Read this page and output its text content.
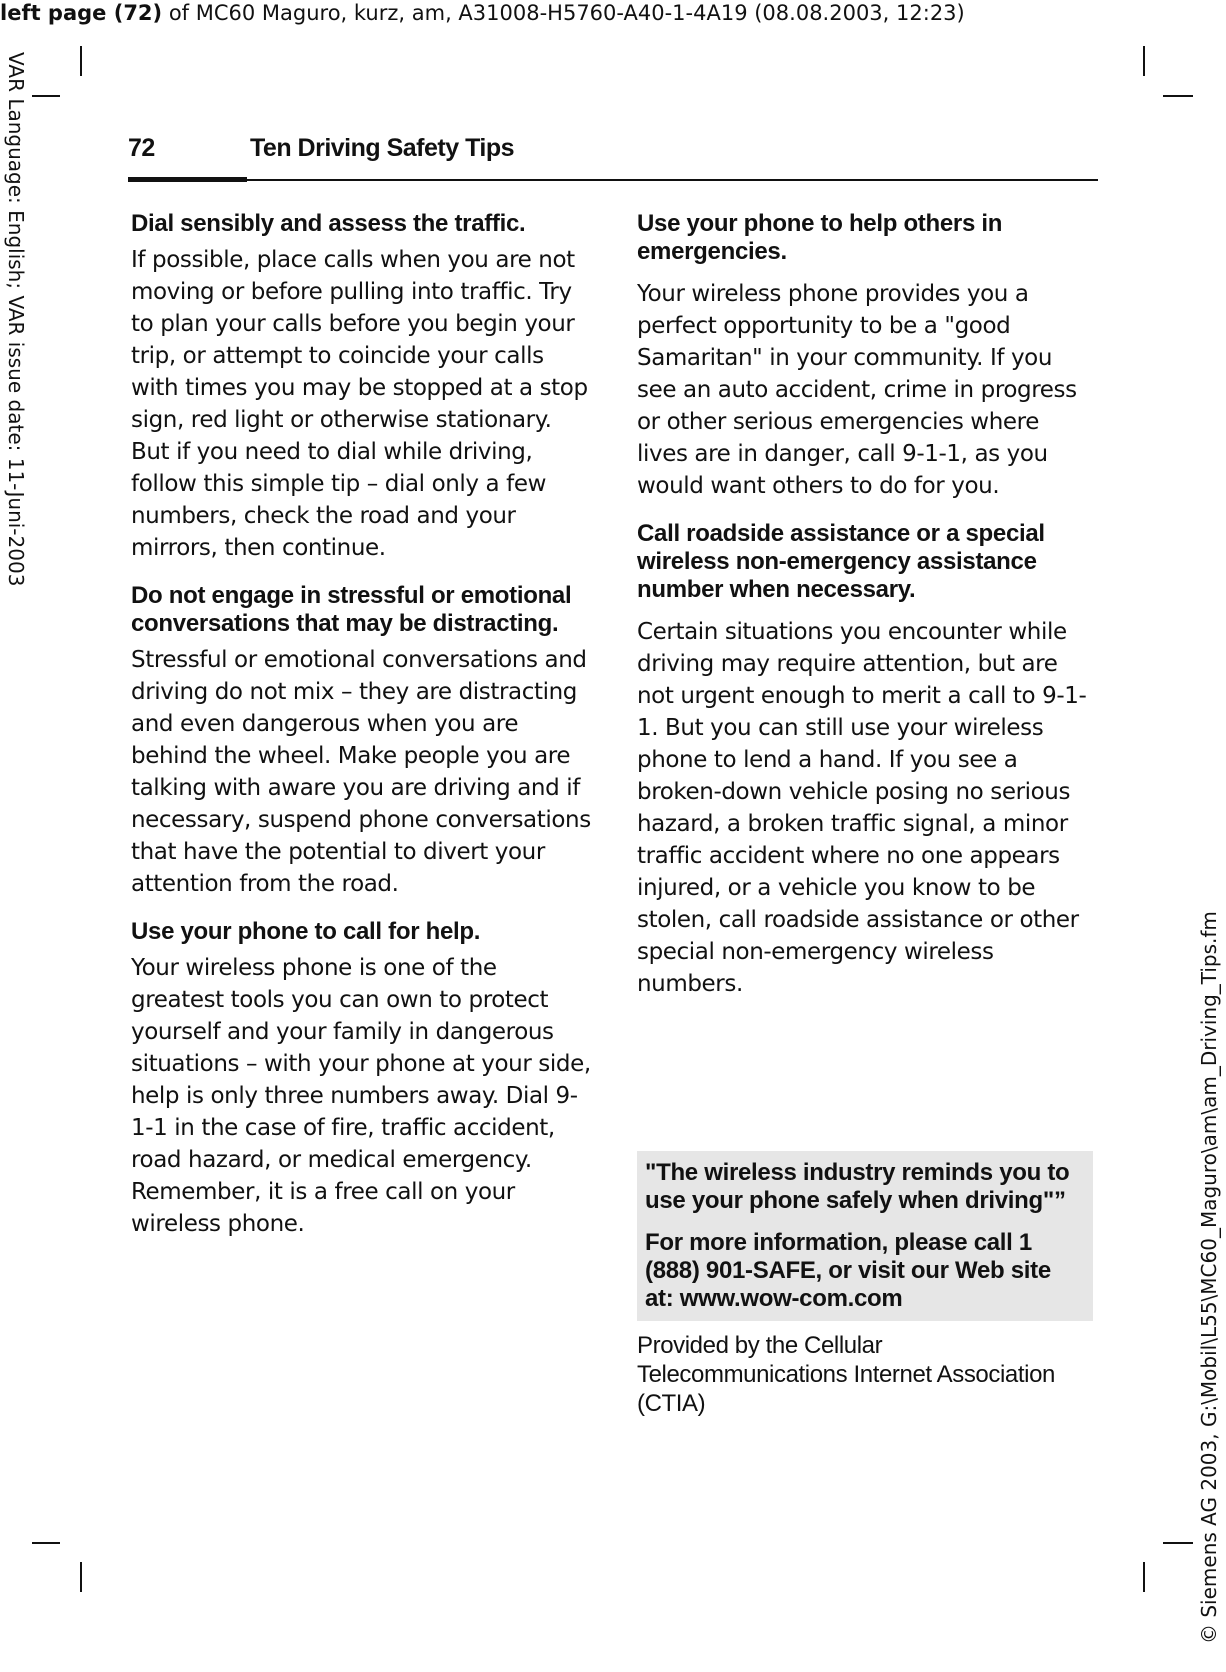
left page (72) of MC60 Maguro, kurz, am, A31008-H5760-A40-1-4A19 (08.08.2003, 12:23)
VAR Language: English; VAR issue date: 11-Juni-2003
© Siemens AG 2003, G:\Mobil\L55\MC60_Maguro\am\am_Driving_Tips.fm
72	Ten Driving Safety Tips

Dial sensibly and assess the traffic.

If possible, place calls when you are not moving or before pulling into traffic. Try to plan your calls before you begin your trip, or attempt to coincide your calls with times you may be stopped at a stop sign, red light or otherwise stationary. But if you need to dial while driving, follow this simple tip – dial only a few numbers, check the road and your mirrors, then continue.

Do not engage in stressful or emotional conversations that may be distracting.

Stressful or emotional conversations and driving do not mix – they are distracting and even dangerous when you are behind the wheel. Make people you are talking with aware you are driving and if necessary, suspend phone conversations that have the potential to divert your attention from the road.

Use your phone to call for help.

Your wireless phone is one of the greatest tools you can own to protect yourself and your family in dangerous situations – with your phone at your side, help is only three numbers away. Dial 9-1-1 in the case of fire, traffic accident, road hazard, or medical emergency. Remember, it is a free call on your wireless phone.

Use your phone to help others in emergencies.

Your wireless phone provides you a perfect opportunity to be a "good Samaritan" in your community. If you see an auto accident, crime in progress or other serious emergencies where lives are in danger, call 9-1-1, as you would want others to do for you.

Call roadside assistance or a special wireless non-emergency assistance number when necessary.

Certain situations you encounter while driving may require attention, but are not urgent enough to merit a call to 9-1-1. But you can still use your wireless phone to lend a hand. If you see a broken-down vehicle posing no serious hazard, a broken traffic signal, a minor traffic accident where no one appears injured, or a vehicle you know to be stolen, call roadside assistance or other special non-emergency wireless numbers.

"The wireless industry reminds you to use your phone safely when driving"”

For more information, please call 1 (888) 901-SAFE, or visit our Web site at: www.wow-com.com

Provided by the Cellular Telecommunications Internet Association (CTIA)
